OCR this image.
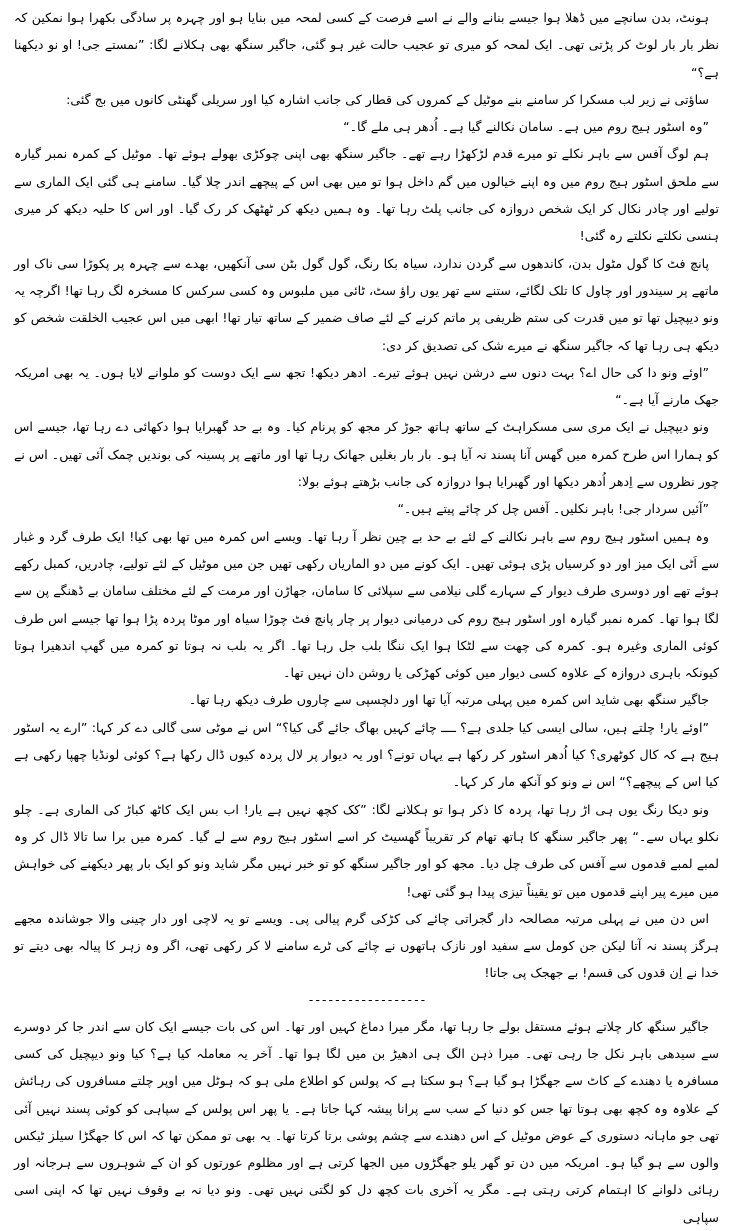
ہونٹ، بدن سانچے میں ڈھلا ہوا جیسے بنانے والے نے اسے فرصت کے کسی لمحہ میں بنایا ہو اور چہرہ پر سادگی بکھرا ہوا نمکین کہ نظر بار بار لوٹ کر پڑتی تھی۔ ایک لمحہ کو میری تو عجیب حالت غیر ہو گئی، جاگیر سنگھ بھی ہکلانے لگا: ”نمستے جی! او نو دیکھنا ہے؟“

ساؤتی نے زیر لب مسکرا کر سامنے بنے موٹیل کے کمروں کی قطار کی جانب اشارہ کیا اور سریلی گھنٹی کانوں میں بج گئی:

”وہ اسٹور ہیج روم میں ہے۔ سامان نکالنے گیا ہے۔ اُدھر ہی ملے گا۔“

ہم لوگ آفس سے باہر نکلے تو میرے قدم لڑکھڑا رہے تھے۔ جاگیر سنگھ بھی اپنی چوکڑی بھولے ہوئے تھا۔ موٹیل کے کمرہ نمبر گیارہ سے ملحق اسٹور ہیج روم میں وہ اپنے خیالوں میں گم داخل ہوا تو میں بھی اس کے پیچھے اندر چلا گیا۔ سامنے ہی گئی ایک الماری سے تولیے اور چادر نکال کر ایک شخص دروازہ کی جانب پلٹ رہا تھا۔ وہ ہمیں دیکھ کر ٹھٹھک کر رک گیا۔ اور اس کا حلیہ دیکھ کر میری ہنسی نکلتے نکلتے رہ گئی!

پانچ فٹ کا گول مٹول بدن، کاندھوں سے گردن ندارد، سیاہ بکا رنگ، گول گول بٹن سی آنکھیں، بھدے سے چہرہ پر پکوڑا سی ناک اور ماتھے پر سیندور اور چاول کا تلک لگائے، ستنے سے تھر یوں راؤ سٹ، ٹائی میں ملبوس وہ کسی سرکس کا مسخرہ لگ رہا تھا! اگرچہ یہ ونو دیپچیل تھا تو میں قدرت کی ستم ظریفی پر ماتم کرنے کے لئے صاف ضمیر کے ساتھ تیار تھا! ابھی میں اس عجیب الخلقت شخص کو دیکھ ہی رہا تھا کہ جاگیر سنگھ نے میرے شک کی تصدیق کر دی:

”اوئے ونو دا کی حال اے؟ بہت دنوں سے درشن نہیں ہوئے تیرے۔ ادھر دیکھ! تجھ سے ایک دوست کو ملوانے لایا ہوں۔ یہ بھی امریکہ جھک مارنے آیا ہے۔“

ونو دیپچیل نے ایک مری سی مسکراہٹ کے ساتھ ہاتھ جوڑ کر مجھ کو پرنام کیا۔ وہ بے حد گھبرایا ہوا دکھائی دے رہا تھا، جیسے اس کو ہمارا اس طرح کمرہ میں گھس آنا پسند نہ آیا ہو۔ بار بار بغلیں جھانک رہا تھا اور ماتھے پر پسینہ کی بوندیں چمک آئی تھیں۔ اس نے چور نظروں سے اِدھر اُدھر دیکھا اور گھبرایا ہوا دروازہ کی جانب بڑھتے ہوئے بولا:

”آئیں سردار جی! باہر نکلیں۔ آفس چل کر چائے پیتے ہیں۔“

وہ ہمیں اسٹور ہیج روم سے باہر نکالنے کے لئے بے حد بے چین نظر آ رہا تھا۔ ویسے اس کمرہ میں تھا بھی کیا! ایک طرف گرد و غبار سے اَٹی ایک میز اور دو کرسیاں پڑی ہوئی تھیں۔ ایک کونے میں دو الماریاں رکھی تھیں جن میں موٹیل کے لئے تولیے، چادریں، کمبل رکھے ہوئے تھے اور دوسری طرف دیوار کے سہارے گلی نیلامی سے سپلائی کا سامان، جھاڑن اور مرمت کے لئے مختلف سامان بے ڈھنگے پن سے لگا ہوا تھا۔ کمرہ نمبر گیارہ اور اسٹور ہیج روم کی درمیانی دیوار پر چار پانچ فٹ چوڑا سیاہ اور موٹا پردہ پڑا ہوا تھا جیسے اس طرف کوئی الماری وغیرہ ہو۔ کمرہ کی چھت سے لٹکا ہوا ایک ننگا بلب جل رہا تھا۔ اگر یہ بلب نہ ہوتا تو کمرہ میں گھپ اندھیرا ہوتا کیونکہ باہری دروازہ کے علاوہ کسی دیوار میں کوئی کھڑکی یا روشن دان نہیں تھا۔

جاگیر سنگھ بھی شاید اس کمرہ میں پہلی مرتبہ آیا تھا اور دلچسپی سے چاروں طرف دیکھ رہا تھا۔

”اوئے یار! چلتے ہیں، سالی ایسی کیا جلدی ہے؟ ــــ چائے کہیں بھاگ جائے گی کیا؟“ اس نے موٹی سی گالی دے کر کہا: ”ارے یہ اسٹور ہیج ہے کہ کال کوٹھری؟ کیا اُدھر اسٹور کر رکھا ہے یہاں تونے؟ اور یہ دیوار پر لال پردہ کیوں ڈال رکھا ہے؟ کوئی لونڈیا چھپا رکھی ہے کیا اس کے پیچھے؟“ اس نے ونو کو آنکھ مار کر کہا۔

ونو دیکا رنگ یوں ہی اڑ رہا تھا، پردہ کا ذکر ہوا تو ہکلانے لگا: ”کک کچھ نہیں ہے یار! اب بس ایک کاٹھ کباڑ کی الماری ہے۔ چلو نکلو یہاں سے۔“ پھر جاگیر سنگھ کا ہاتھ تھام کر تقریباً گھسیٹ کر اسے اسٹور ہیج روم سے لے گیا۔ کمرہ میں برا سا تالا ڈال کر وہ لمبے لمبے قدموں سے آفس کی طرف چل دیا۔ مجھ کو اور جاگیر سنگھ کو تو خبر نہیں مگر شاید ونو کو ایک بار پھر دیکھنے کی خواہش میں میرے پیر اپنے قدموں میں تو یقیناً تیزی پیدا ہو گئی تھی!

اس دن میں نے پہلی مرتبہ مصالحہ دار گجراتی چائے کی کڑکی گرم پیالی پی۔ ویسے تو یہ لاچی اور دار چینی والا جوشاندہ مجھے ہرگز پسند نہ آتا لیکن جن کومل سے سفید اور نازک ہاتھوں نے چائے کی ٹرے سامنے لا کر رکھی تھی، اگر وہ زہر کا پیالہ بھی دیتے تو خدا نے اِن قدوں کی قسم! بے جھجک پی جاتا!

------------------

جاگیر سنگھ کار چلاتے ہوئے مستقل بولے جا رہا تھا، مگر میرا دماغ کہیں اور تھا۔ اس کی بات جیسے ایک کان سے اندر جا کر دوسرے سے سیدھی باہر نکل جا رہی تھی۔ میرا ذہن الگ ہی ادھیڑ بن میں لگا ہوا تھا۔ آخر یہ معاملہ کیا ہے؟ کیا ونو دیپچیل کی کسی مسافرہ یا دھندے کے کاٹ سے جھگڑا ہو گیا ہے؟ ہو سکتا ہے کہ پولس کو اطلاع ملی ہو کہ ہوٹل میں اوپر چلتے مسافروں کی رہائش کے علاوہ وہ کچھ بھی ہوتا تھا جس کو دنیا کے سب سے پرانا پیشہ کہا جاتا ہے۔ یا پھر اس پولس کے سپاہی کو کوئی پسند نہیں آئی تھی جو ماہانہ دستوری کے عوض موٹیل کے اس دھندے سے چشم پوشی برتا کرتا تھا۔ یہ بھی تو ممکن تھا کہ اس کا جھگڑا سیلز ٹیکس والوں سے ہو گیا ہو۔ امریکہ میں دن تو گھر یلو جھگڑوں میں الجھا کرتی ہے اور مظلوم عورتوں کو ان کے شوہروں سے ہرجانہ اور رہائی دلوانے کا اہتمام کرتی رہتی ہے۔ مگر یہ آخری بات کچھ دل کو لگتی نہیں تھی۔ ونو دیا نہ بے وقوف نہیں تھا کہ اپنی اسی سپاہی
